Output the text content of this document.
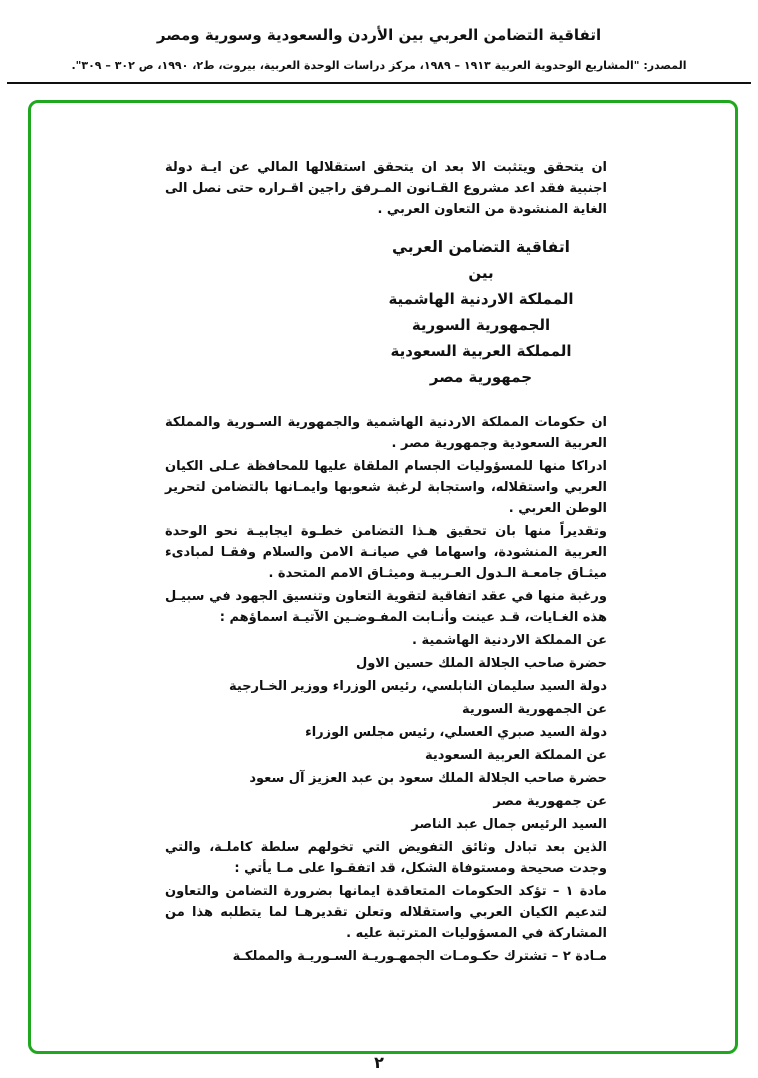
اتفاقية التضامن العربي بين الأردن والسعودية وسورية ومصر
المصدر: "المشاريع الوحدوية العربية ١٩١٣ – ١٩٨٩، مركز دراسات الوحدة العربية، بيروت، ط٢، ١٩٩٠، ص ٣٠٢ – ٣٠٩".

ان يتحقق ويتثبت الا بعد ان يتحقق استقلالها المالي عن ايـة دولة اجنبية فقد اعد مشروع القـانون المـرفق راجين اقـراره حتى نصل الى الغاية المنشودة من التعاون العربي .

اتفاقية التضامن العربي
بين
المملكة الاردنية الهاشمية
الجمهورية السورية
المملكة العربية السعودية
جمهورية مصر

ان حكومات المملكة الاردنية الهاشمية والجمهورية السـورية والمملكة العربية السعودية وجمهورية مصر .

ادراكا منها للمسؤوليات الجسام الملقاة عليها للمحافظة عـلى الكيان العربي واستقلاله، واستجابة لرغبة شعوبها وايمـانها بالتضامن لتحرير الوطن العربي .

وتقديراً منها بان تحقيق هـذا التضامن خطـوة ايجابيـة نحو الوحدة العربية المنشودة، واسهاما في صيانـة الامن والسلام وفقـا لمبادىء ميثـاق جامعـة الـدول العـربيـة وميثـاق الامم المتحدة .

ورغبة منها في عقد اتفاقية لتقوية التعاون وتنسيق الجهود في سبيـل هذه الغـايات، قـد عينت وأنـابت المفـوضـين الآتيـة اسماؤهم :

عن المملكة الاردنية الهاشمية .

حضرة صاحب الجلالة الملك حسين الاول

دولة السيد سليمان النابلسي، رئيس الوزراء ووزير الخـارجية

عن الجمهورية السورية

دولة السيد صبري العسلي، رئيس مجلس الوزراء

عن المملكة العربية السعودية

حضرة صاحب الجلالة الملك سعود بن عبد العزيز آل سعود

عن جمهورية مصر

السيد الرئيس جمال عبد الناصر

الذين بعد تبادل وثائق التفويض التي تخولهم سلطة كاملـة، والتي وجدت صحيحة ومستوفاة الشكل، قد اتفقـوا على مـا يأتي :

مادة ١ – تؤكد الحكومات المتعاقدة ايمانها بضرورة التضامن والتعاون لتدعيم الكيان العربي واستقلاله وتعلن تقديرهـا لما يتطلبه هذا من المشاركة في المسؤوليات المترتبة عليه .

مـادة ٢ – تشترك حكـومـات الجمهـوريـة السـوريـة والمملكـة

٢
